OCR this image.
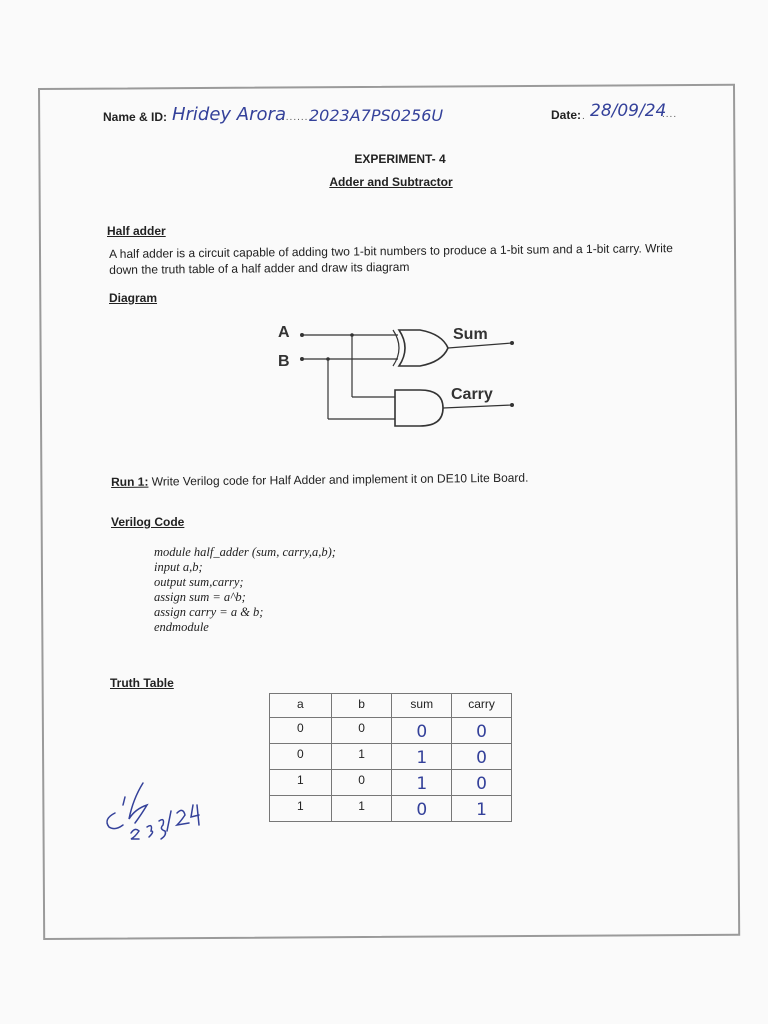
Name & ID: Hridey Arora
........
2023A7PS0256U	Date: . 28/09/24
....
EXPERIMENT- 4
Adder and Subtractor
Half adder
A half adder is a circuit capable of adding two 1-bit numbers to produce a 1-bit sum and a 1-bit carry. Write down the truth table of a half adder and draw its diagram
Diagram
A
B
Sum
Carry
Run 1: Write Verilog code for Half Adder and implement it on DE10 Lite Board.
Verilog Code
module half_adder (sum, carry,a,b);
input a,b;
output sum,carry;
assign sum = a^b;
assign carry = a & b;
endmodule
Truth Table
a	b	sum	carry
0	0	0	0
0	1	1	0
1	0	1	0
1	1	0	1
